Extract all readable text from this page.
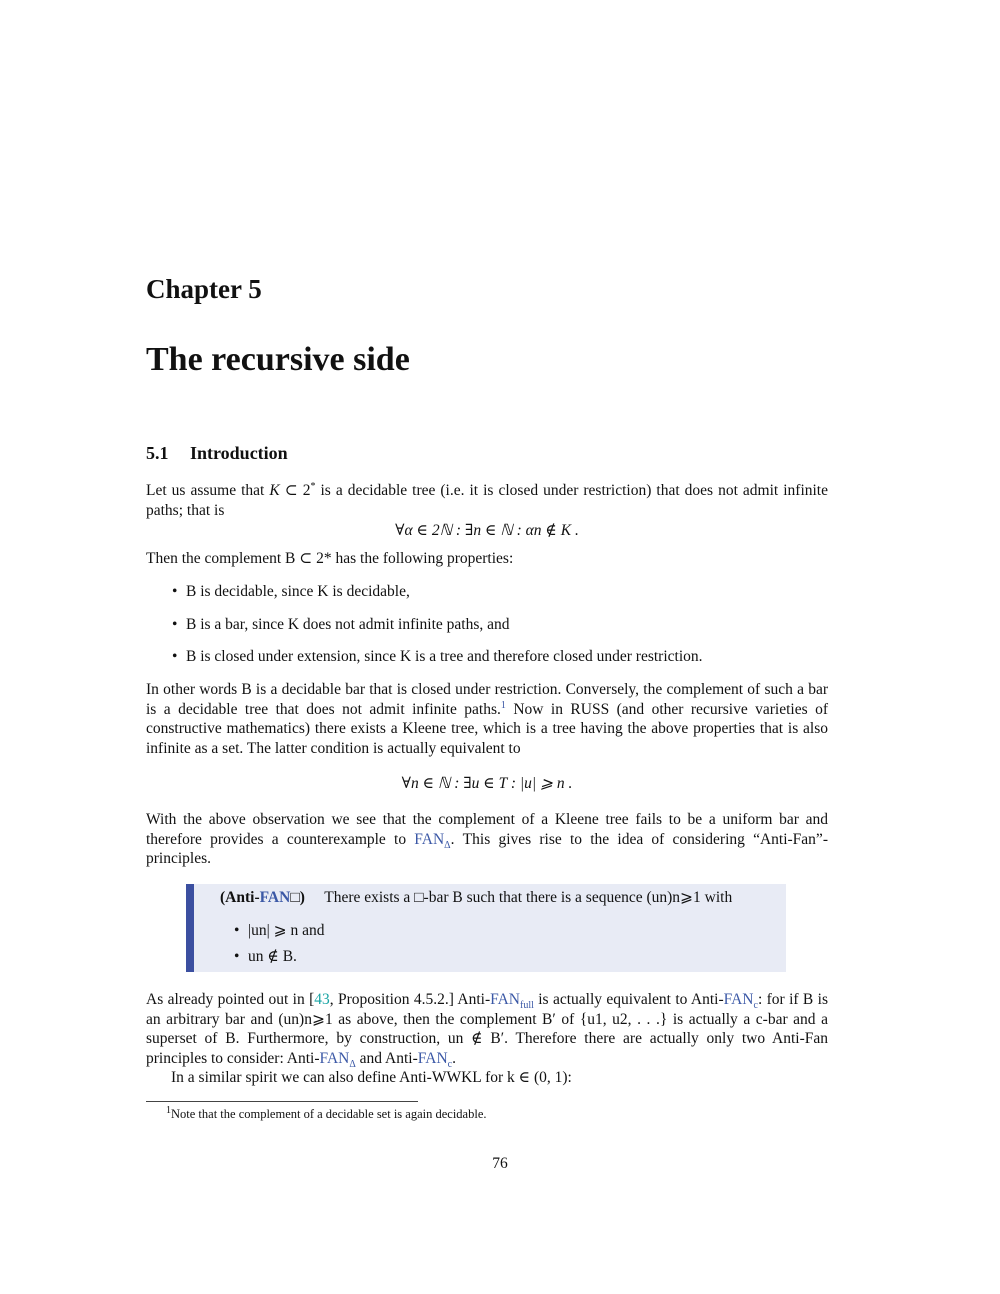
Chapter 5
The recursive side
5.1 Introduction

Let us assume that K ⊂ 2* is a decidable tree (i.e. it is closed under restriction) that does not admit infinite paths; that is

∀α ∈ 2ℕ : ∃n ∈ ℕ : αn ∉ K .
Then the complement B ⊂ 2* has the following properties:
• B is decidable, since K is decidable,
• B is a bar, since K does not admit infinite paths, and
• B is closed under extension, since K is a tree and therefore closed under restriction.

In other words B is a decidable bar that is closed under restriction. Conversely, the complement of such a bar is a decidable tree that does not admit infinite paths.$^1$ Now in RUSS (and other recursive varieties of constructive mathematics) there exists a Kleene tree, which is a tree having the above properties that is also infinite as a set. The latter condition is actually equivalent to

∀n ∈ ℕ : ∃u ∈ T : |u| ⩾ n .

With the above observation we see that the complement of a Kleene tree fails to be a uniform bar and therefore provides a counterexample to $FAN_\Delta$. This gives rise to the idea of considering “Anti-Fan”-principles.

(Anti-FAN□) There exists a □-bar B such that there is a sequence (un)n⩾1 with
• |un| ⩾ n and
• un ∉ B.

As already pointed out in [43, Proposition 4.5.2.] Anti-$FAN_{full}$ is actually equivalent to Anti-$FAN_c$: for if B is an arbitrary bar and (un)n⩾1 as above, then the complement B′ of {u1, u2, . . .} is actually a c-bar and a superset of B. Furthermore, by construction, un ∉ B′. Therefore there are actually only two Anti-Fan principles to consider: Anti-$FAN_\Delta$ and Anti-$FAN_c$.

In a similar spirit we can also define Anti-WWKL for k ∈ (0, 1):

$^1$Note that the complement of a decidable set is again decidable.
76
